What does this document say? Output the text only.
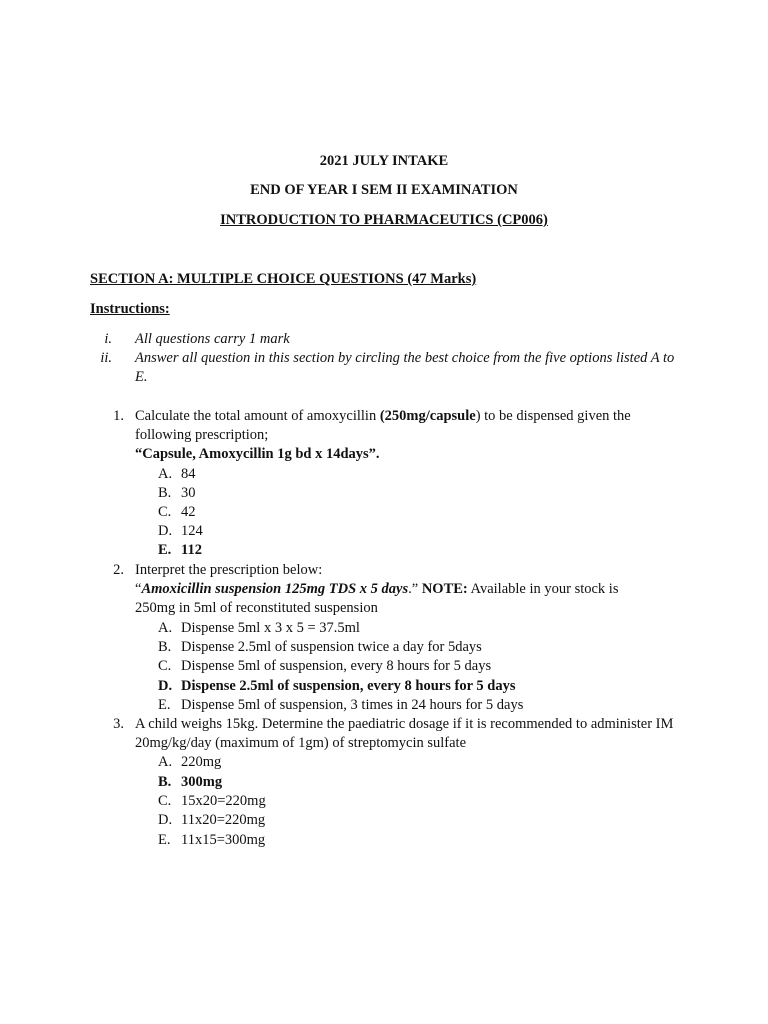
2021 JULY INTAKE
END OF YEAR I SEM II EXAMINATION
INTRODUCTION TO PHARMACEUTICS (CP006)
SECTION A: MULTIPLE CHOICE QUESTIONS (47 Marks)
Instructions:
i. All questions carry 1 mark
ii. Answer all question in this section by circling the best choice from the five options listed A to E.
1. Calculate the total amount of amoxycillin (250mg/capsule) to be dispensed given the following prescription;
“Capsule, Amoxycillin 1g bd x 14days”.
A. 84
B. 30
C. 42
D. 124
E. 112
2. Interpret the prescription below:
“Amoxicillin suspension 125mg TDS x 5 days.” NOTE: Available in your stock is
250mg in 5ml of reconstituted suspension
A. Dispense 5ml x 3 x 5 = 37.5ml
B. Dispense 2.5ml of suspension twice a day for 5days
C. Dispense 5ml of suspension, every 8 hours for 5 days
D. Dispense 2.5ml of suspension, every 8 hours for 5 days
E. Dispense 5ml of suspension, 3 times in 24 hours for 5 days
3. A child weighs 15kg. Determine the paediatric dosage if it is recommended to administer IM 20mg/kg/day (maximum of 1gm) of streptomycin sulfate
A. 220mg
B. 300mg
C. 15x20=220mg
D. 11x20=220mg
E. 11x15=300mg
